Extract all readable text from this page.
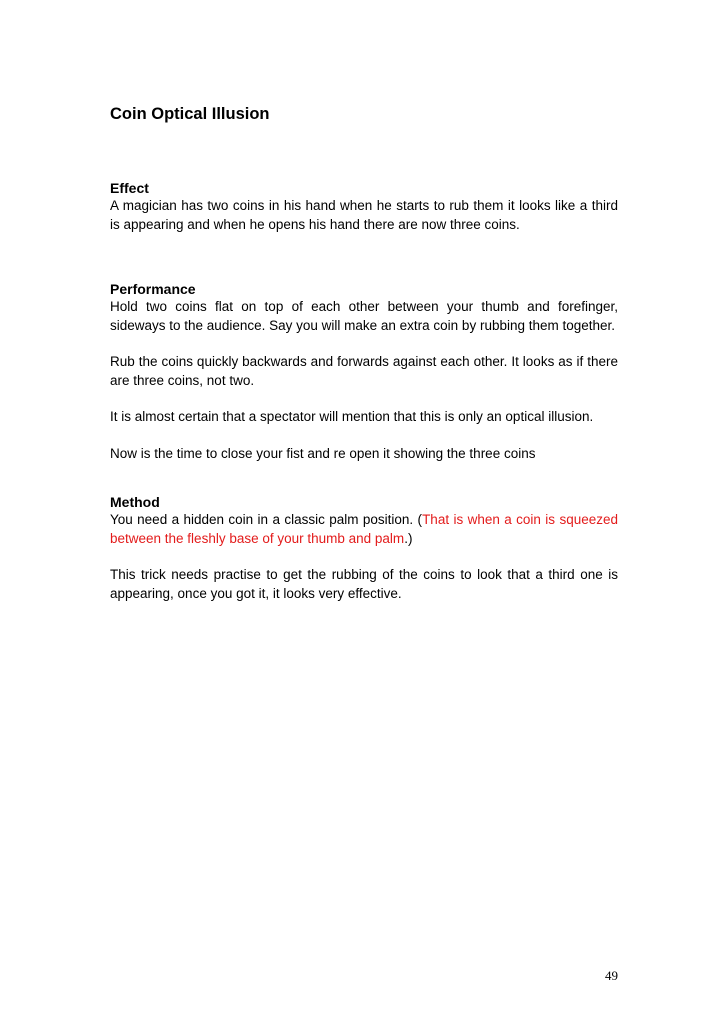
Coin Optical Illusion
Effect

A magician has two coins in his hand when he starts to rub them it looks like a third is appearing and when he opens his hand there are now three coins.

Performance

Hold two coins flat on top of each other between your thumb and forefinger, sideways to the audience. Say you will make an extra coin by rubbing them together.

Rub the coins quickly backwards and forwards against each other. It looks as if there are three coins, not two.

It is almost certain that a spectator will mention that this is only an optical illusion.

Now is the time to close your fist and re open it showing the three coins

Method

You need a hidden coin in a classic palm position. (That is when a coin is squeezed between the fleshly base of your thumb and palm.)

This trick needs practise to get the rubbing of the coins to look that a third one is appearing, once you got it, it looks very effective.

49
